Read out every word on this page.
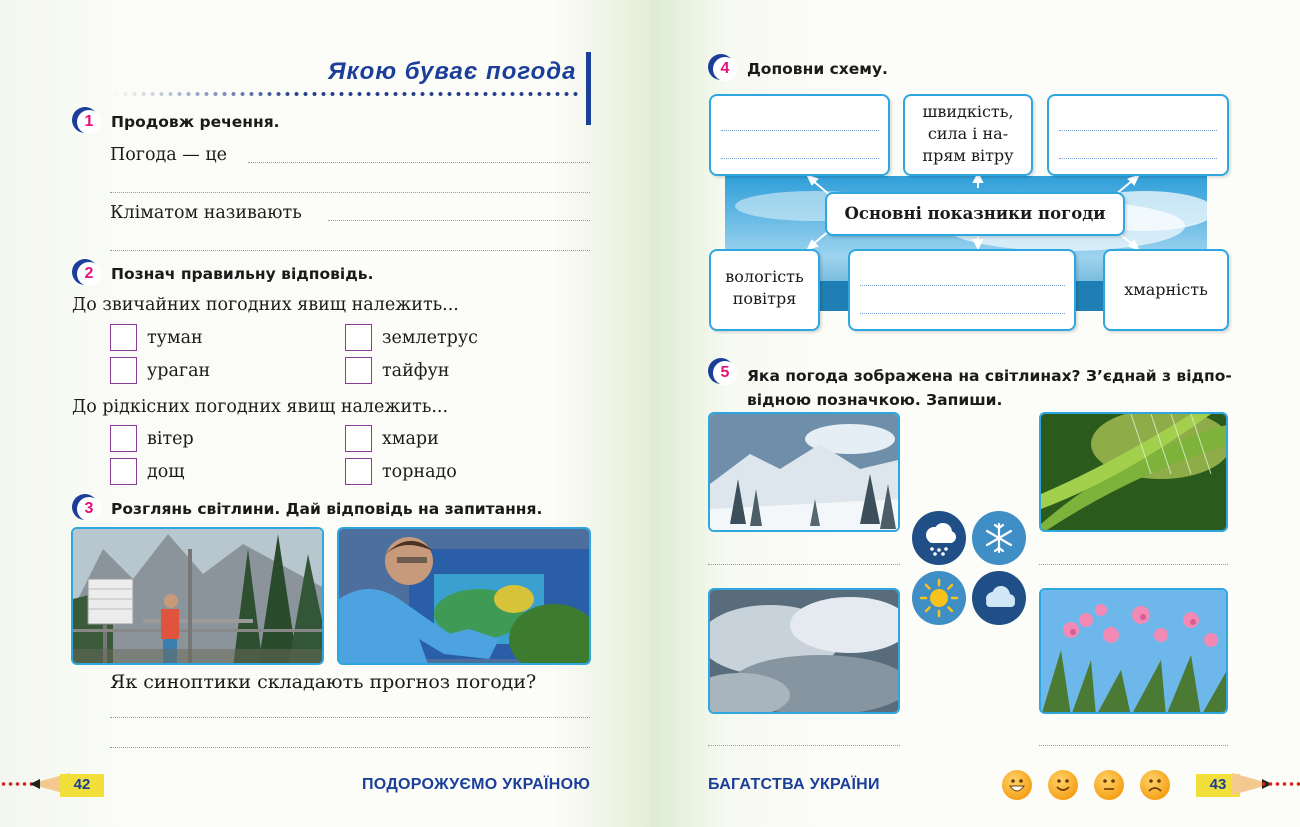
Якою буває погода
1	Продовж речення.
Погода — це
Кліматом називають
2	Познач правильну відповідь.
До звичайних погодних явищ належить...
туман	землетрус
ураган	тайфун
До рідкісних погодних явищ належить...
вітер	хмари
дощ	торнадо
3	Розглянь світлини. Дай відповідь на запитання.
Як синоптики складають прогноз погоди?
42	ПОДОРОЖУЄМО УКРАЇНОЮ
4	Доповни схему.
швидкість,
сила і на-
прям вітру
Основні показники погоди
вологість
повітря	хмарність
5	Яка погода зображена на світлинах? З’єднай з відпо-
відною позначкою. Запиши.
БАГАТСТВА УКРАЇНИ	43
